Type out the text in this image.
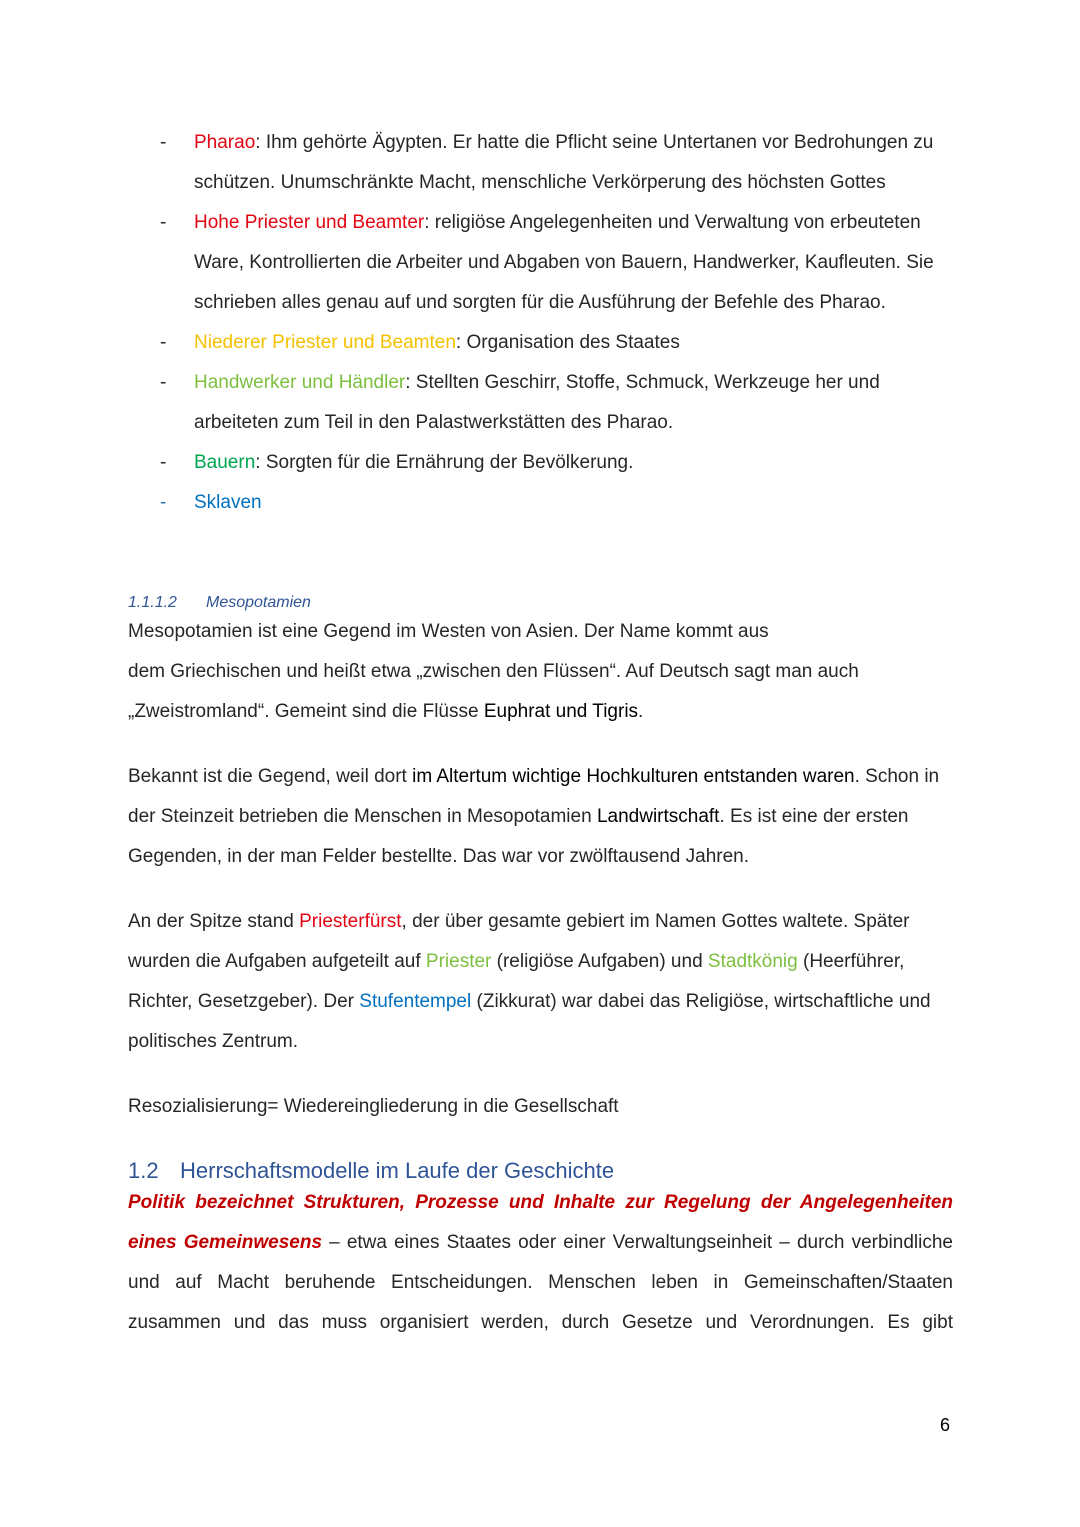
-	Pharao: Ihm gehörte Ägypten. Er hatte die Pflicht seine Untertanen vor Bedrohungen zu schützen. Unumschränkte Macht, menschliche Verkörperung des höchsten Gottes
-	Hohe Priester und Beamter: religiöse Angelegenheiten und Verwaltung von erbeuteten Ware, Kontrollierten die Arbeiter und Abgaben von Bauern, Handwerker, Kaufleuten. Sie schrieben alles genau auf und sorgten für die Ausführung der Befehle des Pharao.
-	Niederer Priester und Beamten: Organisation des Staates
-	Handwerker und Händler: Stellten Geschirr, Stoffe, Schmuck, Werkzeuge her und arbeiteten zum Teil in den Palastwerkstätten des Pharao.
-	Bauern: Sorgten für die Ernährung der Bevölkerung.
-	Sklaven
1.1.1.2 Mesopotamien

Mesopotamien ist eine Gegend im Westen von Asien. Der Name kommt aus
dem Griechischen und heißt etwa „zwischen den Flüssen“. Auf Deutsch sagt man auch „Zweistromland“. Gemeint sind die Flüsse Euphrat und Tigris.

Bekannt ist die Gegend, weil dort im Altertum wichtige Hochkulturen entstanden waren. Schon in der Steinzeit betrieben die Menschen in Mesopotamien Landwirtschaft. Es ist eine der ersten Gegenden, in der man Felder bestellte. Das war vor zwölftausend Jahren.

An der Spitze stand Priesterfürst, der über gesamte gebiert im Namen Gottes waltete. Später wurden die Aufgaben aufgeteilt auf Priester (religiöse Aufgaben) und Stadtkönig (Heerführer, Richter, Gesetzgeber). Der Stufentempel (Zikkurat) war dabei das Religiöse, wirtschaftliche und politisches Zentrum.

Resozialisierung= Wiedereingliederung in die Gesellschaft

1.2 Herrschaftsmodelle im Laufe der Geschichte

Politik bezeichnet Strukturen, Prozesse und Inhalte zur Regelung der Angelegenheiten eines Gemeinwesens – etwa eines Staates oder einer Verwaltungseinheit – durch verbindliche und auf Macht beruhende Entscheidungen. Menschen leben in Gemeinschaften/Staaten zusammen und das muss organisiert werden, durch Gesetze und Verordnungen. Es gibt

6
